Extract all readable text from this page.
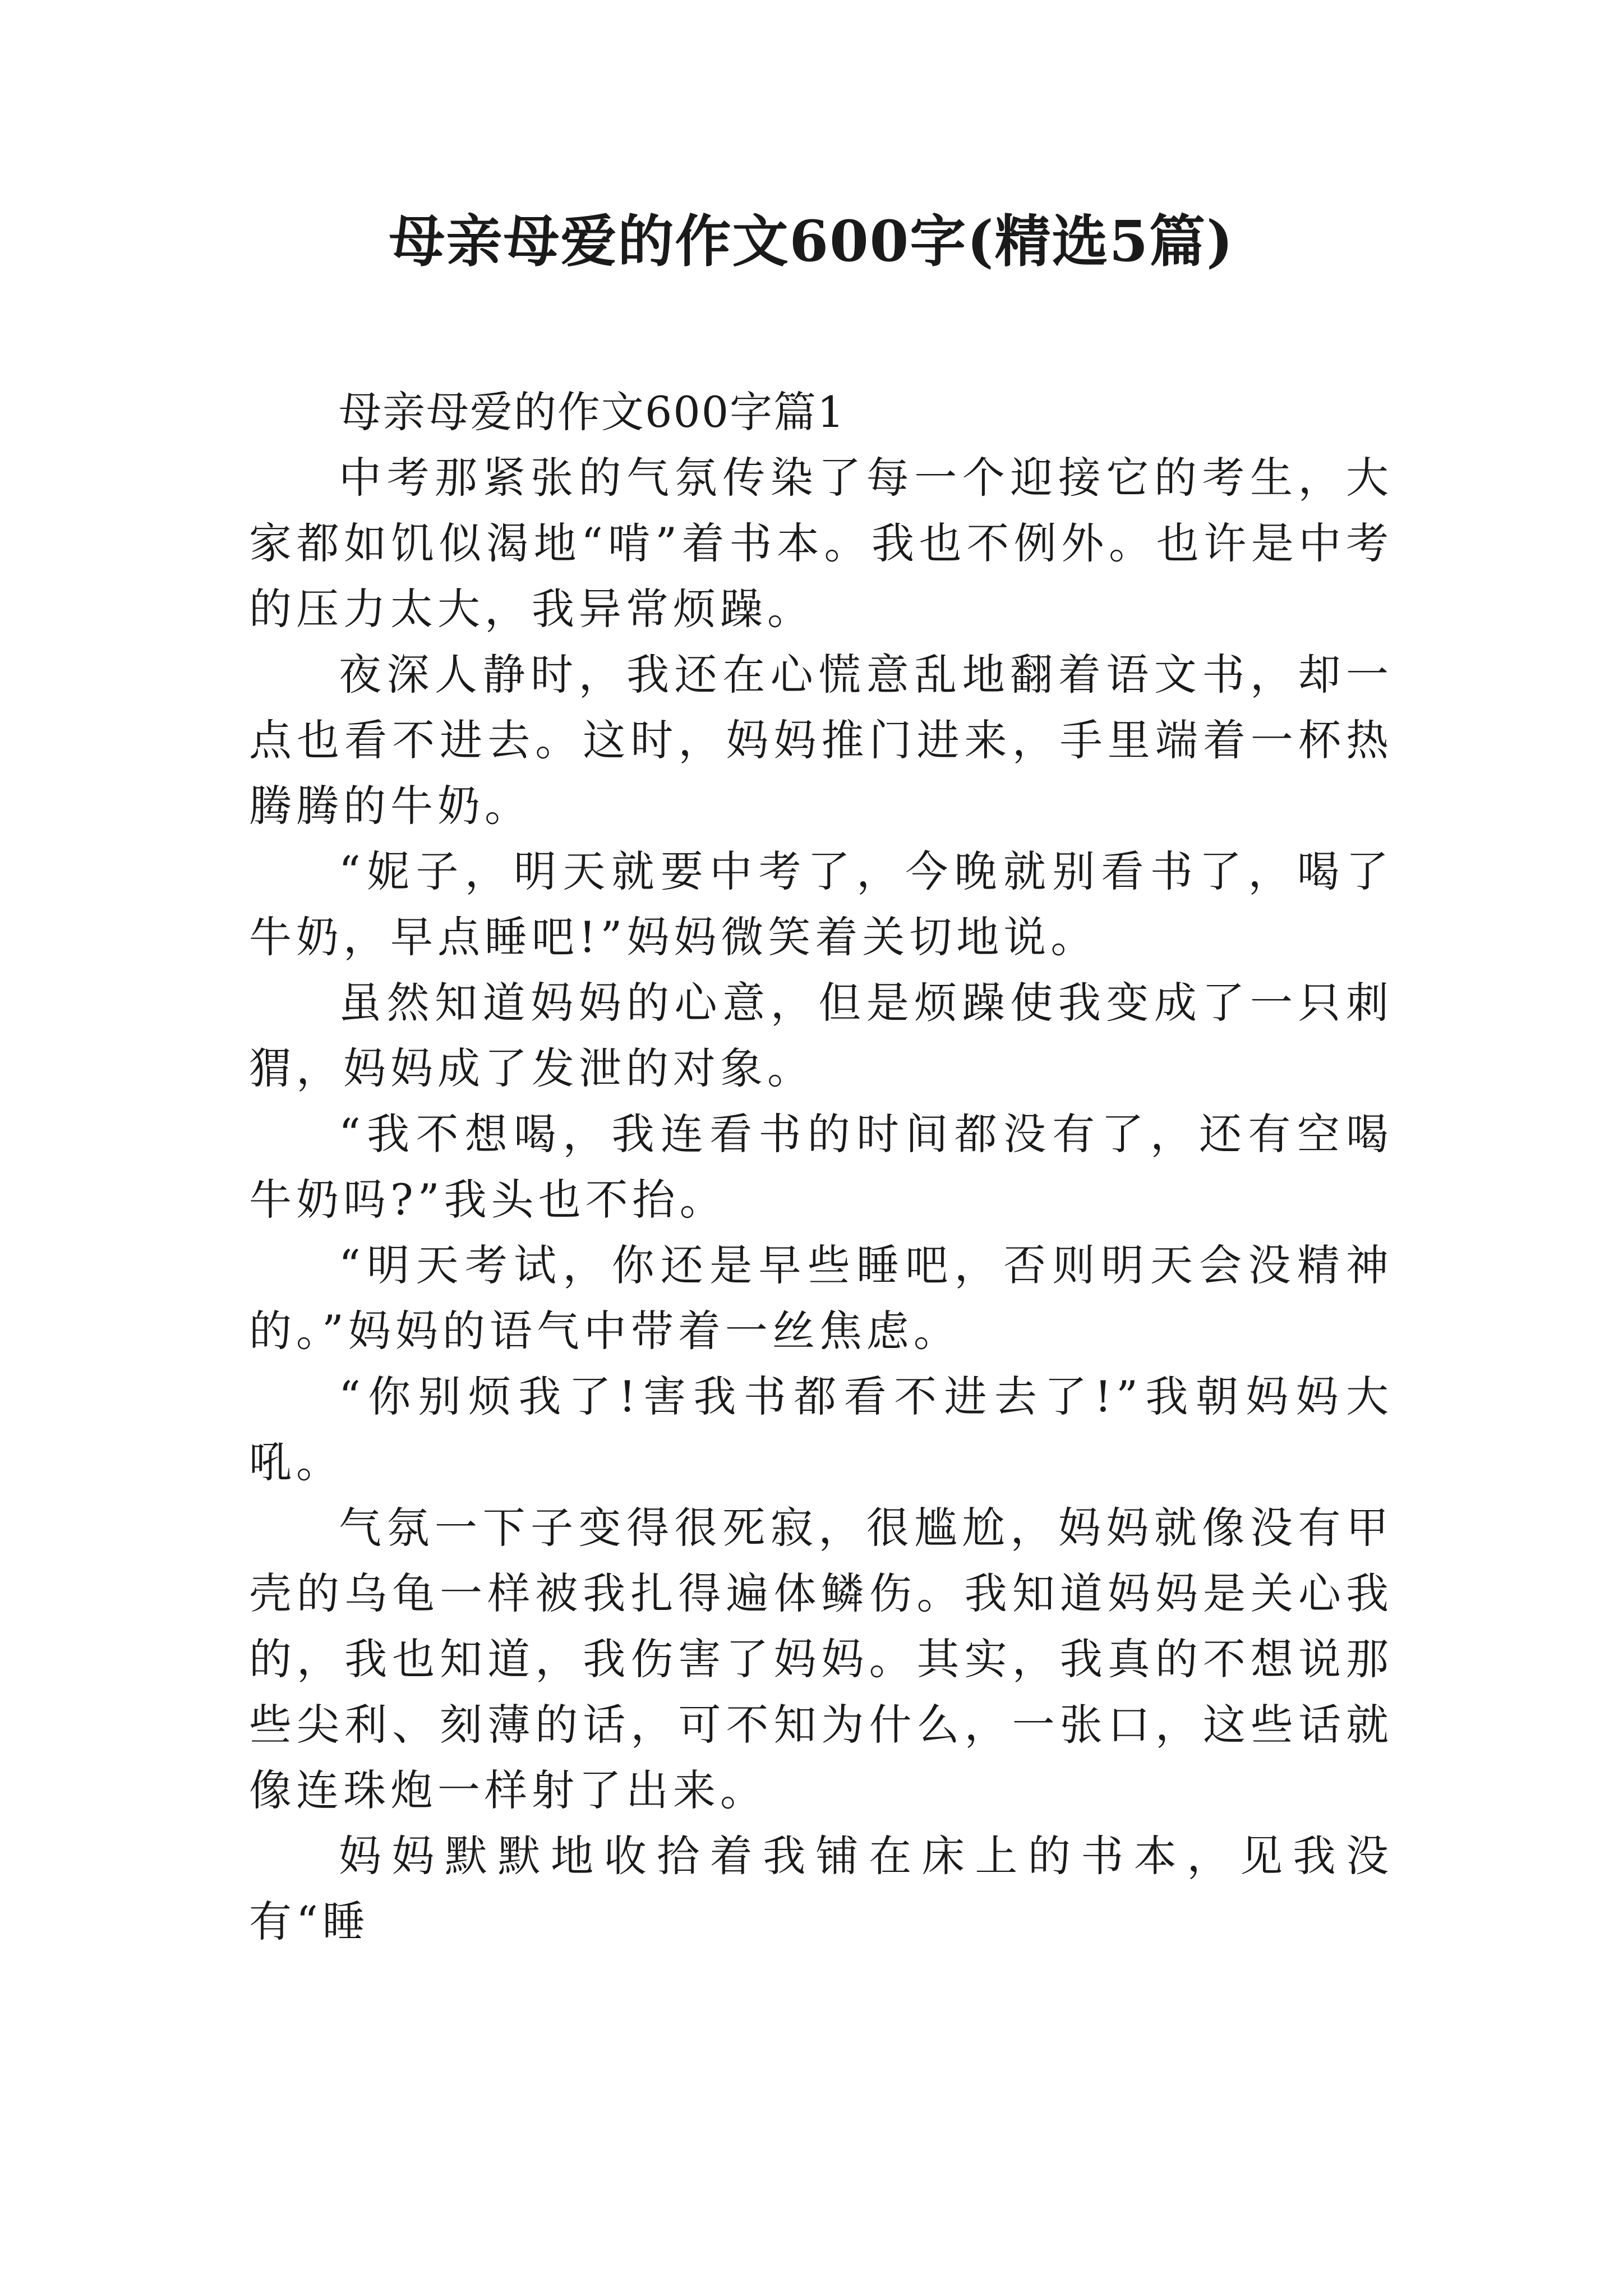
母亲母爱的作文600字(精选5篇)

母亲母爱的作文600字篇1

中考那紧张的气氛传染了每一个迎接它的考生，大家都如饥似渴地“啃”着书本。我也不例外。也许是中考的压力太大，我异常烦躁。

夜深人静时，我还在心慌意乱地翻着语文书，却一点也看不进去。这时，妈妈推门进来，手里端着一杯热腾腾的牛奶。

“妮子，明天就要中考了，今晚就别看书了，喝了牛奶，早点睡吧!”妈妈微笑着关切地说。

虽然知道妈妈的心意，但是烦躁使我变成了一只刺猬，妈妈成了发泄的对象。

“我不想喝，我连看书的时间都没有了，还有空喝牛奶吗?”我头也不抬。

“明天考试，你还是早些睡吧，否则明天会没精神的。”妈妈的语气中带着一丝焦虑。

“你别烦我了!害我书都看不进去了!”我朝妈妈大吼。

气氛一下子变得很死寂，很尴尬，妈妈就像没有甲壳的乌龟一样被我扎得遍体鳞伤。我知道妈妈是关心我的，我也知道，我伤害了妈妈。其实，我真的不想说那些尖利、刻薄的话，可不知为什么，一张口，这些话就像连珠炮一样射了出来。

妈妈默默地收拾着我铺在床上的书本，见我没有“睡
